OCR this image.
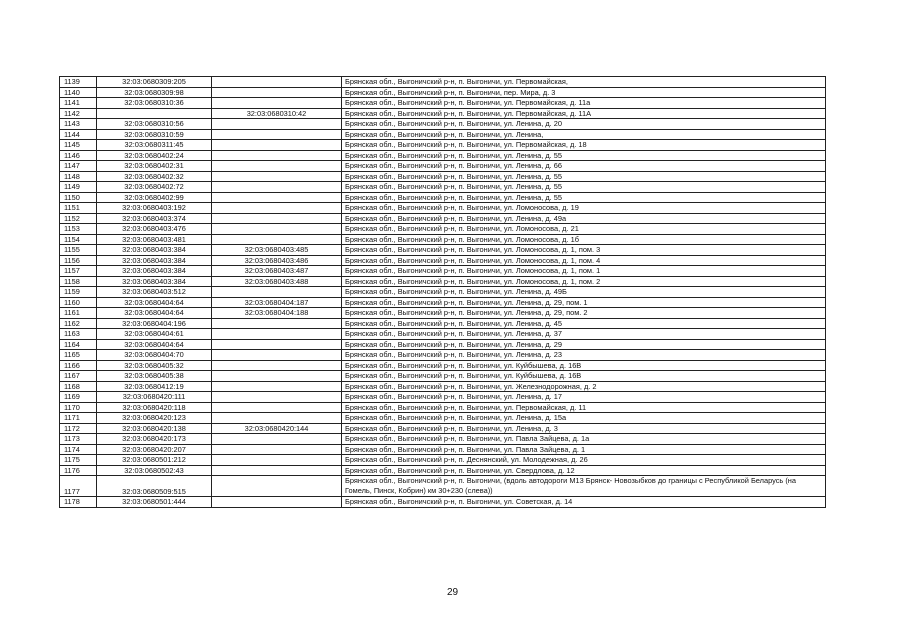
1139	32:03:0680309:205		Брянская обл., Выгоничский р-н, п. Выгоничи, ул. Первомайская,
1140	32:03:0680309:98		Брянская обл., Выгоничский р-н, п. Выгоничи, пер. Мира, д. 3
1141	32:03:0680310:36		Брянская обл., Выгоничский р-н, п. Выгоничи, ул. Первомайская, д. 11а
1142		32:03:0680310:42	Брянская обл., Выгоничский р-н, п. Выгоничи, ул. Первомайская, д. 11А
1143	32:03:0680310:56		Брянская обл., Выгоничский р-н, п. Выгоничи, ул. Ленина, д. 20
1144	32:03:0680310:59		Брянская обл., Выгоничский р-н, п. Выгоничи, ул. Ленина,
1145	32:03:0680311:45		Брянская обл., Выгоничский р-н, п. Выгоничи, ул. Первомайская, д. 18
1146	32:03:0680402:24		Брянская обл., Выгоничский р-н, п. Выгоничи, ул. Ленина, д. 55
1147	32:03:0680402:31		Брянская обл., Выгоничский р-н, п. Выгоничи, ул. Ленина, д. 66
1148	32:03:0680402:32		Брянская обл., Выгоничский р-н, п. Выгоничи, ул. Ленина, д. 55
1149	32:03:0680402:72		Брянская обл., Выгоничский р-н, п. Выгоничи, ул. Ленина, д. 55
1150	32:03:0680402:99		Брянская обл., Выгоничский р-н, п. Выгоничи, ул. Ленина, д. 55
1151	32:03:0680403:192		Брянская обл., Выгоничский р-н, п. Выгоничи, ул. Ломоносова, д. 19
1152	32:03:0680403:374		Брянская обл., Выгоничский р-н, п. Выгоничи, ул. Ленина, д. 49а
1153	32:03:0680403:476		Брянская обл., Выгоничский р-н, п. Выгоничи, ул. Ломоносова, д. 21
1154	32:03:0680403:481		Брянская обл., Выгоничский р-н, п. Выгоничи, ул. Ломоносова, д. 1б
1155	32:03:0680403:384	32:03:0680403:485	Брянская обл., Выгоничский р-н, п. Выгоничи, ул. Ломоносова, д. 1, пом. 3
1156	32:03:0680403:384	32:03:0680403:486	Брянская обл., Выгоничский р-н, п. Выгоничи, ул. Ломоносова, д. 1, пом. 4
1157	32:03:0680403:384	32:03:0680403:487	Брянская обл., Выгоничский р-н, п. Выгоничи, ул. Ломоносова, д. 1, пом. 1
1158	32:03:0680403:384	32:03:0680403:488	Брянская обл., Выгоничский р-н, п. Выгоничи, ул. Ломоносова, д. 1, пом. 2
1159	32:03:0680403:512		Брянская обл., Выгоничский р-н, п. Выгоничи, ул. Ленина, д. 49Б
1160	32:03:0680404:64	32:03:0680404:187	Брянская обл., Выгоничский р-н, п. Выгоничи, ул. Ленина, д. 29, пом. 1
1161	32:03:0680404:64	32:03:0680404:188	Брянская обл., Выгоничский р-н, п. Выгоничи, ул. Ленина, д. 29, пом. 2
1162	32:03:0680404:196		Брянская обл., Выгоничский р-н, п. Выгоничи, ул. Ленина, д. 45
1163	32:03:0680404:61		Брянская обл., Выгоничский р-н, п. Выгоничи, ул. Ленина, д. 37
1164	32:03:0680404:64		Брянская обл., Выгоничский р-н, п. Выгоничи, ул. Ленина, д. 29
1165	32:03:0680404:70		Брянская обл., Выгоничский р-н, п. Выгоничи, ул. Ленина, д. 23
1166	32:03:0680405:32		Брянская обл., Выгоничский р-н, п. Выгоничи, ул. Куйбышева, д. 16В
1167	32:03:0680405:38		Брянская обл., Выгоничский р-н, п. Выгоничи, ул. Куйбышева, д. 16В
1168	32:03:0680412:19		Брянская обл., Выгоничский р-н, п. Выгоничи, ул. Железнодорожная, д. 2
1169	32:03:0680420:111		Брянская обл., Выгоничский р-н, п. Выгоничи, ул. Ленина, д. 17
1170	32:03:0680420:118		Брянская обл., Выгоничский р-н, п. Выгоничи, ул. Первомайская, д. 11
1171	32:03:0680420:123		Брянская обл., Выгоничский р-н, п. Выгоничи, ул. Ленина, д. 15а
1172	32:03:0680420:138	32:03:0680420:144	Брянская обл., Выгоничский р-н, п. Выгоничи, ул. Ленина, д. 3
1173	32:03:0680420:173		Брянская обл., Выгоничский р-н, п. Выгоничи, ул. Павла Зайцева, д. 1а
1174	32:03:0680420:207		Брянская обл., Выгоничский р-н, п. Выгоничи, ул. Павла Зайцева, д. 1
1175	32:03:0680501:212		Брянская обл., Выгоничский р-н, п. Деснянский, ул. Молодежная, д. 26
1176	32:03:0680502:43		Брянская обл., Выгоничский р-н, п. Выгоничи, ул. Свердлова, д. 12
1177	32:03:0680509:515		Брянская обл., Выгоничский р-н, п. Выгоничи, (вдоль автодороги М13 Брянск- Новозыбков до границы с Республикой Беларусь (на Гомель, Пинск, Кобрин) км 30+230 (слева))
1178	32:03:0680501:444		Брянская обл., Выгоничский р-н, п. Выгоничи, ул. Советская, д. 14
29
